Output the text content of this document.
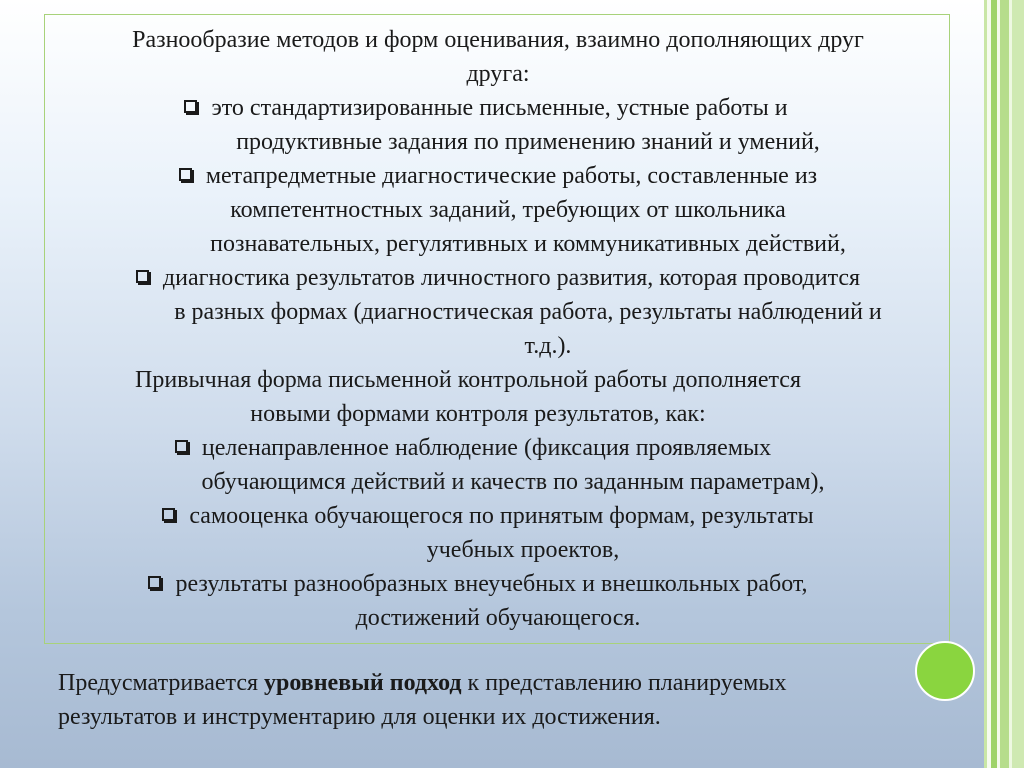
Разнообразие методов и форм оценивания, взаимно дополняющих друг
друга:
это стандартизированные письменные, устные работы и
продуктивные задания по применению знаний и умений,
метапредметные диагностические работы, составленные из
компетентностных заданий, требующих от школьника
познавательных, регулятивных и коммуникативных действий,
диагностика результатов личностного развития, которая проводится
в разных формах (диагностическая работа, результаты наблюдений и
т.д.).
Привычная форма письменной контрольной работы дополняется
новыми формами контроля результатов, как:
целенаправленное наблюдение (фиксация проявляемых
обучающимся действий и качеств по заданным параметрам),
самооценка обучающегося по принятым формам, результаты
учебных проектов,
результаты разнообразных внеучебных и внешкольных работ,
достижений обучающегося.
Предусматривается уровневый подход к представлению планируемых
результатов и инструментарию для оценки их достижения.
